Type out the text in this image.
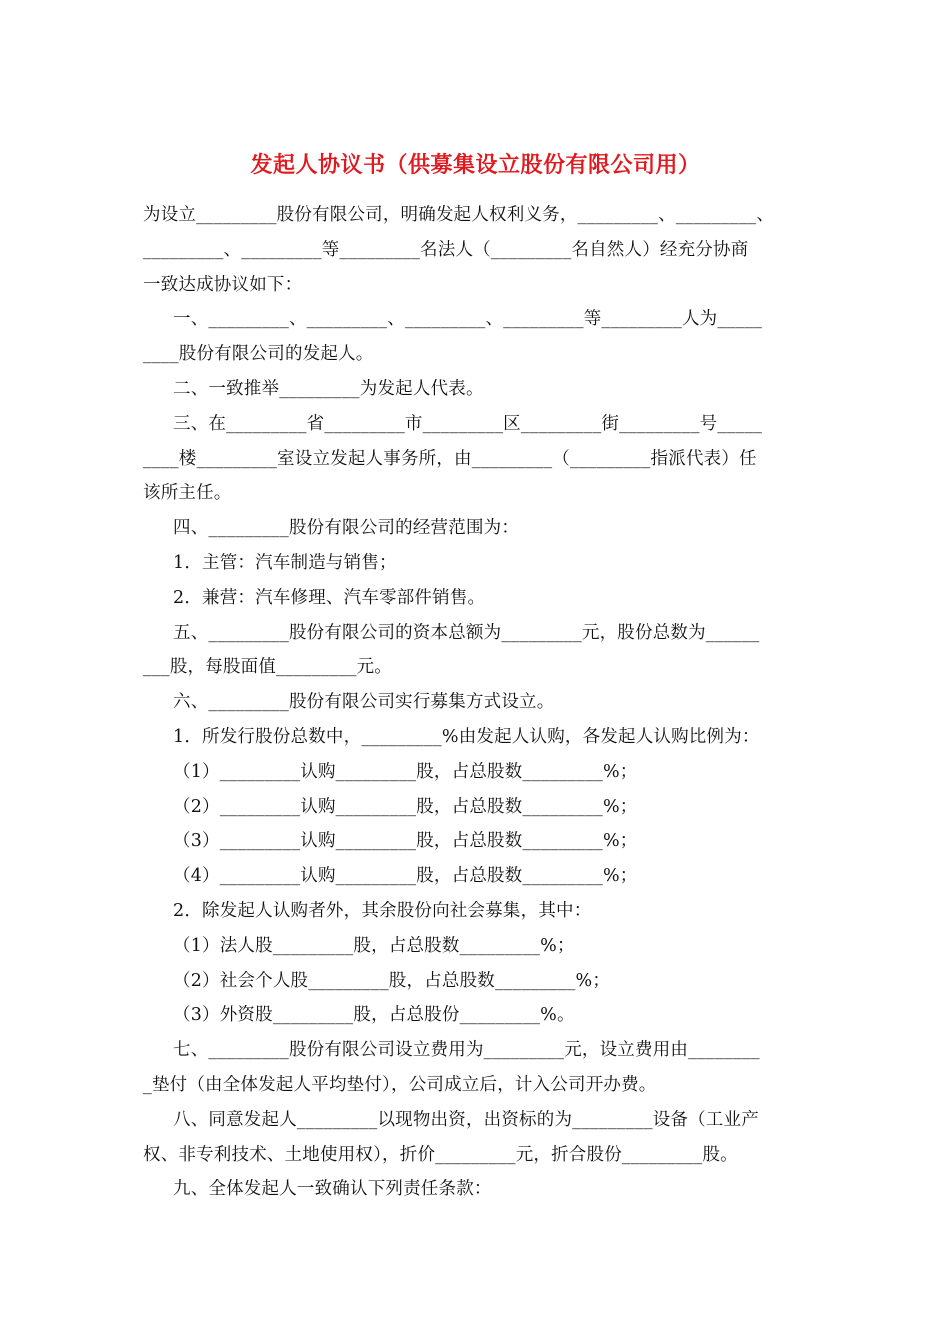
发起人协议书（供募集设立股份有限公司用）
为设立_________股份有限公司，明确发起人权利义务，_________、_________、
_________、_________等_________名法人（_________名自然人）经充分协商
一致达成协议如下：
一、_________、_________、_________、_________等_________人为_____
____股份有限公司的发起人。
二、一致推举_________为发起人代表。
三、在_________省_________市_________区_________街_________号_____
____楼_________室设立发起人事务所，由_________（_________指派代表）任
该所主任。
四、_________股份有限公司的经营范围为：
1．主管：汽车制造与销售；
2．兼营：汽车修理、汽车零部件销售。
五、_________股份有限公司的资本总额为_________元，股份总数为______
___股，每股面值_________元。
六、_________股份有限公司实行募集方式设立。
1．所发行股份总数中，_________%由发起人认购，各发起人认购比例为：
（1）_________认购_________股，占总股数_________%；
（2）_________认购_________股，占总股数_________%；
（3）_________认购_________股，占总股数_________%；
（4）_________认购_________股，占总股数_________%；
2．除发起人认购者外，其余股份向社会募集，其中：
（1）法人股_________股，占总股数_________%；
（2）社会个人股_________股，占总股数_________%；
（3）外资股_________股，占总股份_________%。
七、_________股份有限公司设立费用为_________元，设立费用由________
_垫付（由全体发起人平均垫付），公司成立后，计入公司开办费。
八、同意发起人_________以现物出资，出资标的为_________设备（工业产
权、非专利技术、土地使用权），折价_________元，折合股份_________股。
九、全体发起人一致确认下列责任条款：
